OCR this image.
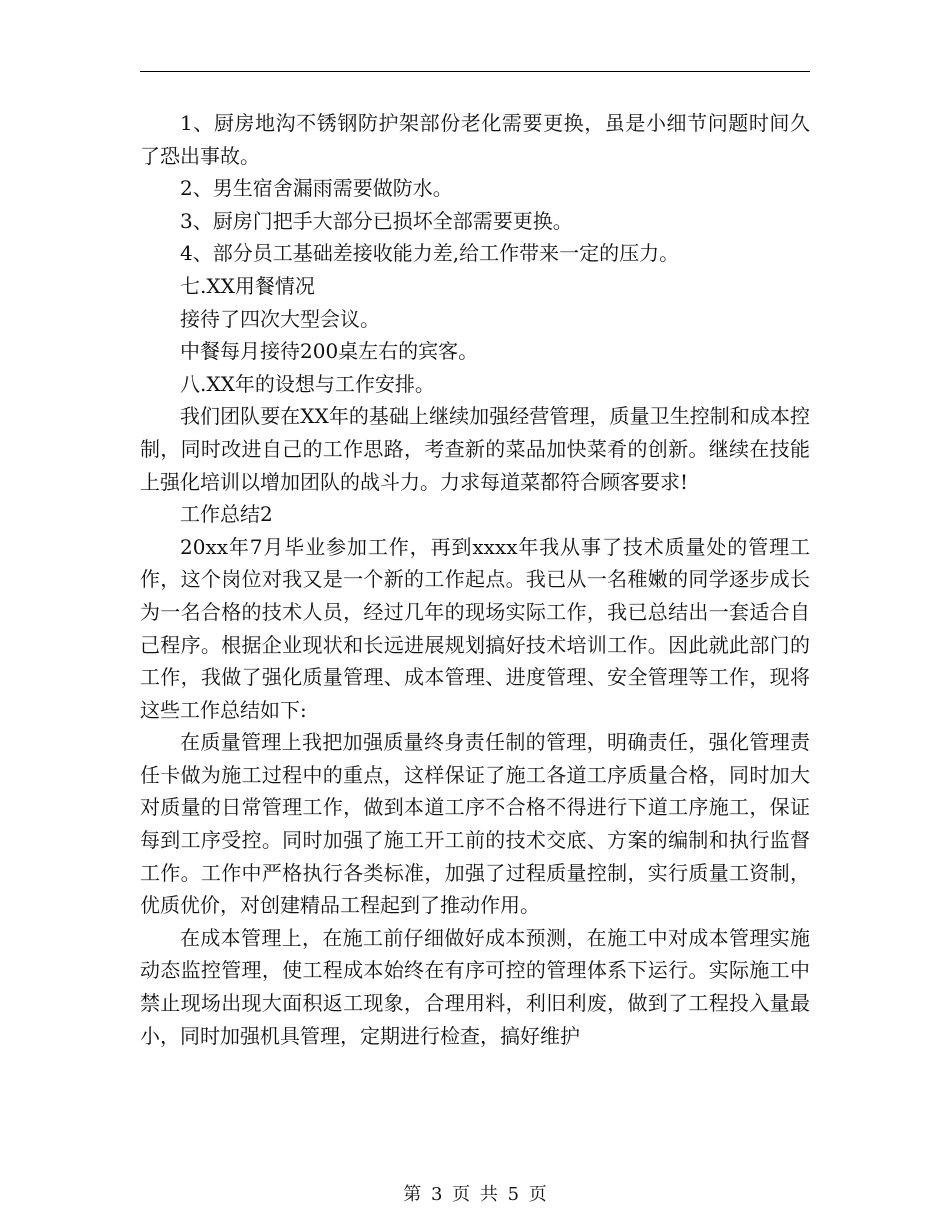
1、厨房地沟不锈钢防护架部份老化需要更换，虽是小细节问题时间久了恐出事故。

2、男生宿舍漏雨需要做防水。

3、厨房门把手大部分已损坏全部需要更换。

4、部分员工基础差接收能力差,给工作带来一定的压力。

七.XX用餐情况

接待了四次大型会议。

中餐每月接待200桌左右的宾客。

八.XX年的设想与工作安排。

我们团队要在XX年的基础上继续加强经营管理，质量卫生控制和成本控制，同时改进自己的工作思路，考查新的菜品加快菜肴的创新。继续在技能上强化培训以增加团队的战斗力。力求每道菜都符合顾客要求!

工作总结2

20xx年7月毕业参加工作，再到xxxx年我从事了技术质量处的管理工作，这个岗位对我又是一个新的工作起点。我已从一名稚嫩的同学逐步成长为一名合格的技术人员，经过几年的现场实际工作，我已总结出一套适合自己程序。根据企业现状和长远进展规划搞好技术培训工作。因此就此部门的工作，我做了强化质量管理、成本管理、进度管理、安全管理等工作，现将这些工作总结如下:

在质量管理上我把加强质量终身责任制的管理，明确责任，强化管理责任卡做为施工过程中的重点，这样保证了施工各道工序质量合格，同时加大对质量的日常管理工作，做到本道工序不合格不得进行下道工序施工，保证每到工序受控。同时加强了施工开工前的技术交底、方案的编制和执行监督工作。工作中严格执行各类标准，加强了过程质量控制，实行质量工资制，优质优价，对创建精品工程起到了推动作用。

在成本管理上，在施工前仔细做好成本预测，在施工中对成本管理实施动态监控管理，使工程成本始终在有序可控的管理体系下运行。实际施工中禁止现场出现大面积返工现象，合理用料，利旧利废，做到了工程投入量最小，同时加强机具管理，定期进行检查，搞好维护

第 3 页 共 5 页
